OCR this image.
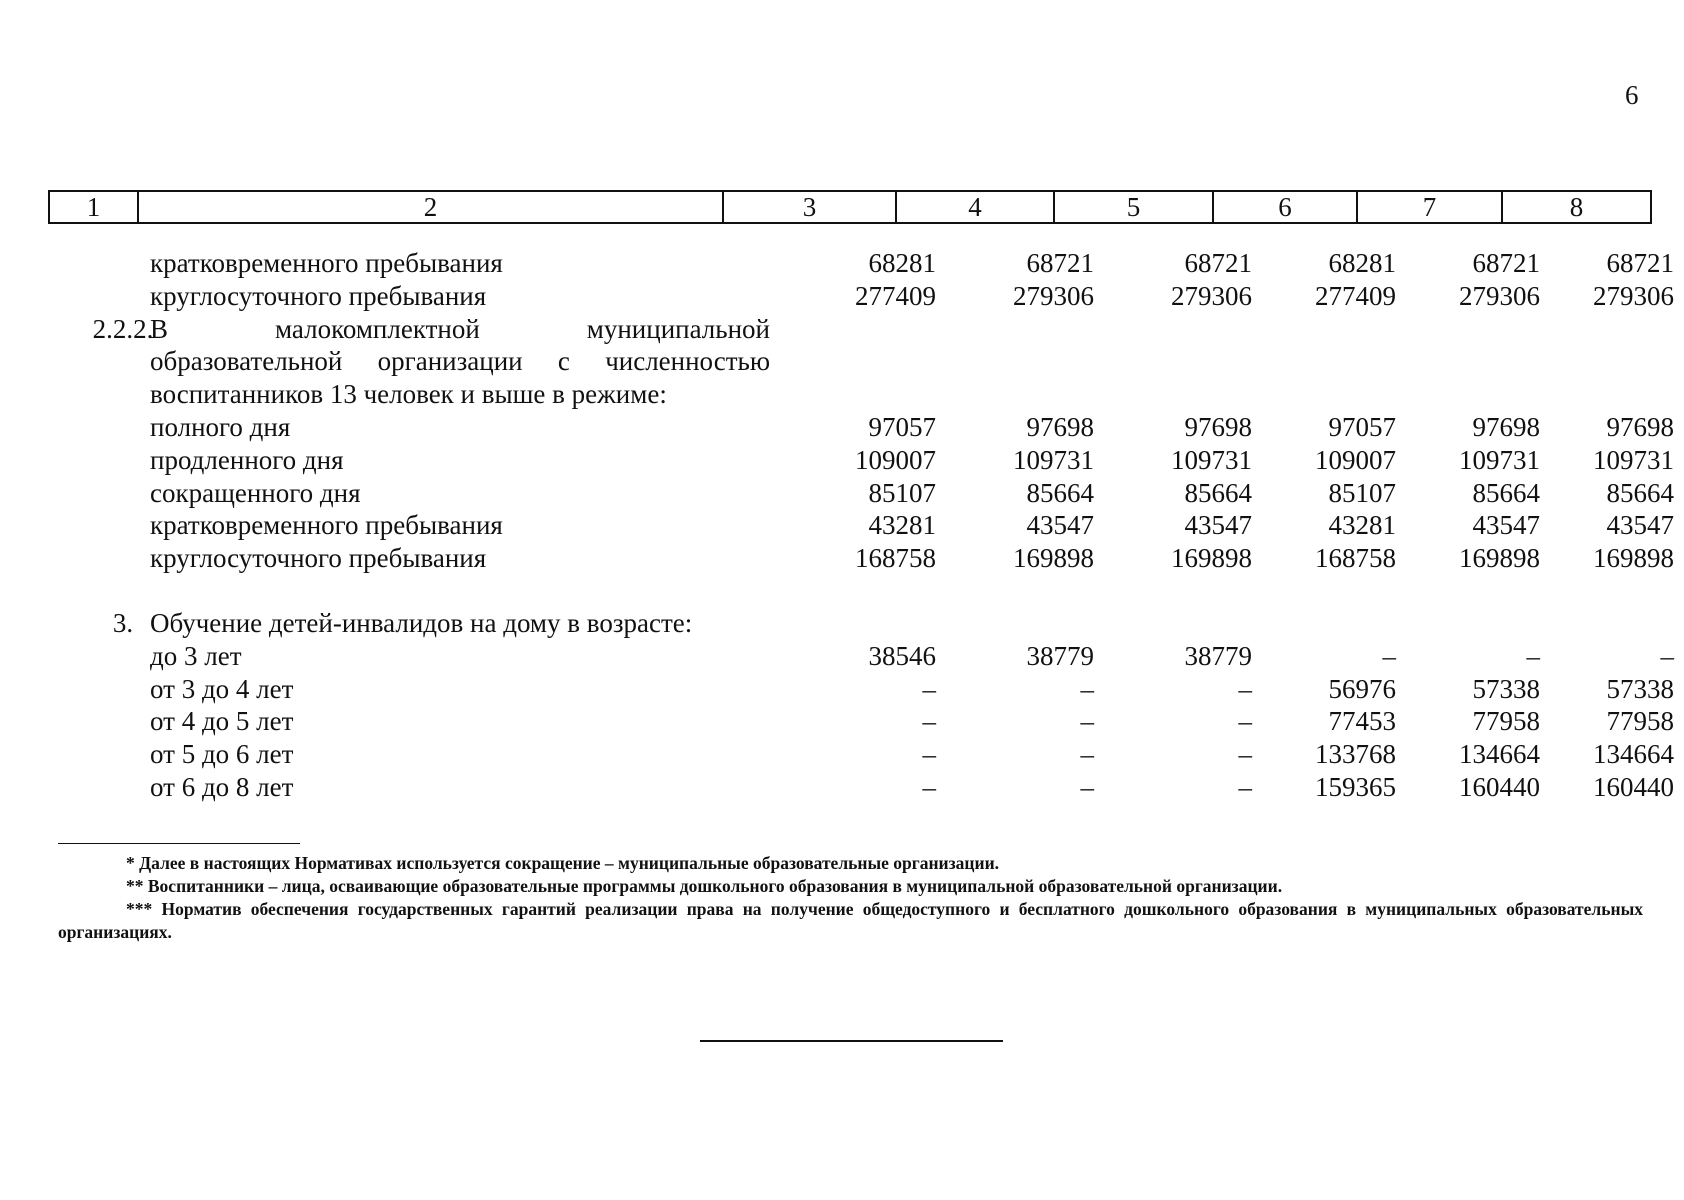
6
1	2	3	4	5	6	7	8
кратковременного пребывания	68281	68721	68721	68281	68721	68721
круглосуточного пребывания	277409	279306	279306	277409	279306	279306
2.2.2.
В малокомплектной муниципальной
образовательной организации с численностью
воспитанников 13 человек и выше в режиме:
полного дня	97057	97698	97698	97057	97698	97698
продленного дня	109007	109731	109731	109007	109731	109731
сокращенного дня	85107	85664	85664	85107	85664	85664
кратковременного пребывания	43281	43547	43547	43281	43547	43547
круглосуточного пребывания	168758	169898	169898	168758	169898	169898
3. Обучение детей-инвалидов на дому в возрасте:
до 3 лет	38546	38779	38779	–	–	–
от 3 до 4 лет	–	–	–	56976	57338	57338
от 4 до 5 лет	–	–	–	77453	77958	77958
от 5 до 6 лет	–	–	–	133768	134664	134664
от 6 до 8 лет	–	–	–	159365	160440	160440

* Далее в настоящих Нормативах используется сокращение – муниципальные образовательные организации.

** Воспитанники – лица, осваивающие образовательные программы дошкольного образования в муниципальной образовательной организации.

*** Норматив обеспечения государственных гарантий реализации права на получение общедоступного и бесплатного дошкольного образования в муниципальных образовательных организациях.
